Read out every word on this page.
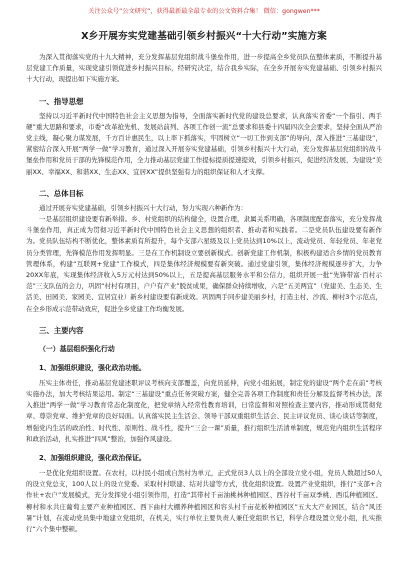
关注公众号“公文研究”，获得最新最全最专业的公文资料合集！ 微信：gongwen***
X乡开展夯实党建基础引领乡村振兴“十大行动”实施方案

为深入贯彻落实党的十九大精神，充分发挥基层党组织战斗堡垒作用，进一步提高全乡党员队伍整体素质，不断提升基层党建工作质量，实现党建引领促进乡村振兴目标，经研究决定，结合我乡实际，在全乡开展夯实党建基础、引领乡村振兴十大行动，现提出如下实施方案。

一、指导思想

坚持以习近平新时代中国特色社会主义思想为指导，全面落实新时代党的建设总要求，认真落实省委“一个指引、两手硬”重大思路和要求，市委“改革抢先机、发展站前列、各项工作创一流”总要求和县委十四届四次全会要求，坚持全面从严治党主线，凝心聚力谋发展，千方百计惠民生，以上率下抓落实，牢固树立“一切工作到支部”的导向，深入推进“三基建设”，紧密结合深入开展“两学一做”学习教育，通过深入开展夯实党建基础，引领乡村振兴十大行动，充分发挥基层党组织的战斗堡垒作用和党员干部的先锋模范作用，全力推动基层党建工作提标提质提速提效，引领乡村振兴，促进经济发展，为建设“美丽XX、幸福XX、和谐XX、生态XX、宜居XX”提供坚强有力的组织保证和人才支撑。

二、总体目标

通过开展夯实党建基础，引领乡村振兴十大行动，努力实现六种新作为：

一是基层组织建设要有新举措。乡、村党组织的结构健全，设置合理，隶属关系明确，各项制度配套落实，充分发挥战斗堡垒作用，真正成为贯彻习近平新时代中国特色社会主义思想的组织者、推动者和实践者。二是党员队伍建设要有新作为。党员队伍结构不断优化，整体素质有所提升，每个支部六星级及以上党员达到10%以上，流动党员、年轻党员、年老党员分类管理，先锋模范作用发挥明显。三是在工作机制设立要创新模式。创新党建工作机制，积极构建适合乡情的党员教育管理体系，构建“互联网+党建”工作模式，四是集体经济规模要有新突破。通过党建引领，集体经济规模逐步扩大，力争20XX年底，实现集体经济收入5万元村达到50%以上，五是提高基层服务水平和公信力，组织开展一批“先锋带富·百村示范”三支队伍的会力，巩固“村村有项目，户户有产业”脱贫成果，确保群众持续增收，六是“五美两宜”（党建美、生态美、生活美、田园美、家园美、宜居宜业）新乡村建设要有新成效。巩固两手同步建美丽乡村，打造主村、沙流、柳村3个示范点，在全乡形成示范带动效应，促进全乡党建工作均衡发展。

三、主要内容
（一）基层组织强化行动
1、加强组织建设，强化政治功能。

压实主体责任，推动基层党建述职评议考核向支部覆盖，向党员延伸，向党小组拓展，制定党的建设“两个走在前”考核实施办法，加大考核结果运用。制定“三基建设”重点任务突破方案，健全完善各项工作制度和责任分解及监督考核办法，深入推进“两学一做”学习教育常态化制度化，把党章纳入经常性教育培训，日常监督和对照检查主要内容，推动形成贯彻党章、尊崇党章、维护党章的良好局面。认真落实民主生活会、领导干部双重组织生活会、民主评议党员、谈心谈话等制度，增强党内生活的政治性、时代性、原则性、战斗性，提升“三会一课”质量，推行组织生活清单制度，规范党内组织生活程序和政治活动，扎实推进“四风”整治，加强作风建设。

2、加强组织建设，强化政治保证。

一是优化党组织设置。在农村，以村民小组或自然村为单元，正式党员3人以上的全部设立党小组，党员人数超过50人的设立党总支，100人以上的设立党委。采取村村联建、结对共建等方式，优化组织设置。设置产业党组织，推行“支部+合作社+农户”发展模式，充分发挥党小组引领作用，打造“其带村千亩油桃林种植园区、西谷村千亩双季桃、西瓜种植园区、柳村和永共庄葡萄主要产业种植园区、西下曲村大棚养种植园区和容头村千亩花板种植园区”五大大产业园区，结合“风还暑”计划，在流动党员集中地建立党组织，在机关，实行单位主要负责人兼任党组织书记，科学合理设置立党小组，扎实推行“六个集中整顿。
